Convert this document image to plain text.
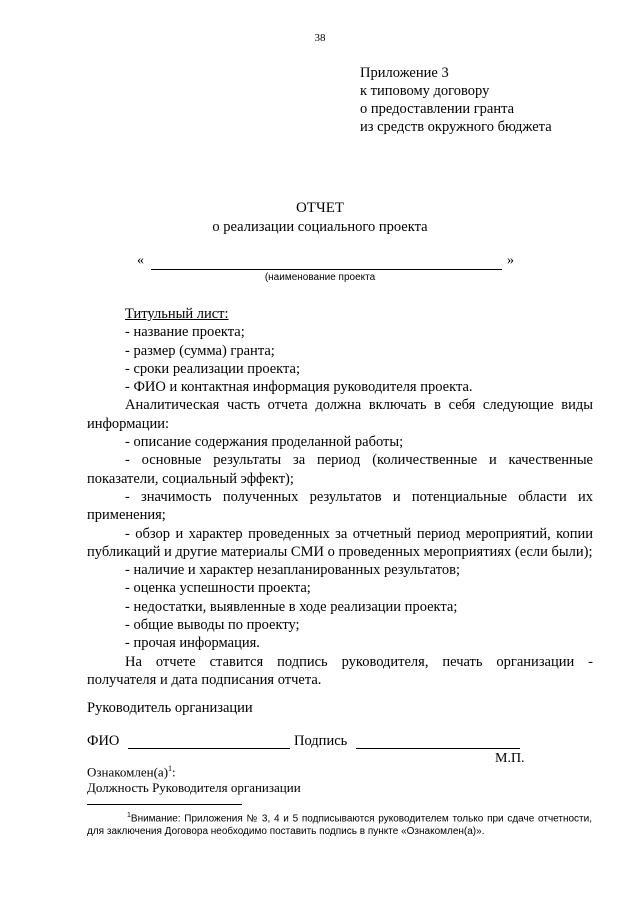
38
Приложение 3
к типовому договору
о предоставлении гранта
из средств окружного бюджета
ОТЧЕТ
о реализации социального проекта
«	»
(наименование проекта

Титульный лист:

- название проекта;

- размер (сумма) гранта;

- сроки реализации проекта;

- ФИО и контактная информация руководителя проекта.

Аналитическая часть отчета должна включать в себя следующие виды информации:

- описание содержания проделанной работы;

- основные результаты за период (количественные и качественные показатели, социальный эффект);

- значимость полученных результатов и потенциальные области их применения;

- обзор и характер проведенных за отчетный период мероприятий, копии публикаций и другие материалы СМИ о проведенных мероприятиях (если были);

- наличие и характер незапланированных результатов;

- оценка успешности проекта;

- недостатки, выявленные в ходе реализации проекта;

- общие выводы по проекту;

- прочая информация.

На отчете ставится подпись руководителя, печать организации - получателя и дата подписания отчета.

Руководитель организации
ФИО	Подпись
М.П.
$Ознакомлен(а)^1$:
Должность Руководителя организации
$^1$Внимание: Приложения № 3, 4 и 5 подписываются руководителем только при сдаче отчетности, для заключения Договора необходимо поставить подпись в пункте «Ознакомлен(а)».
